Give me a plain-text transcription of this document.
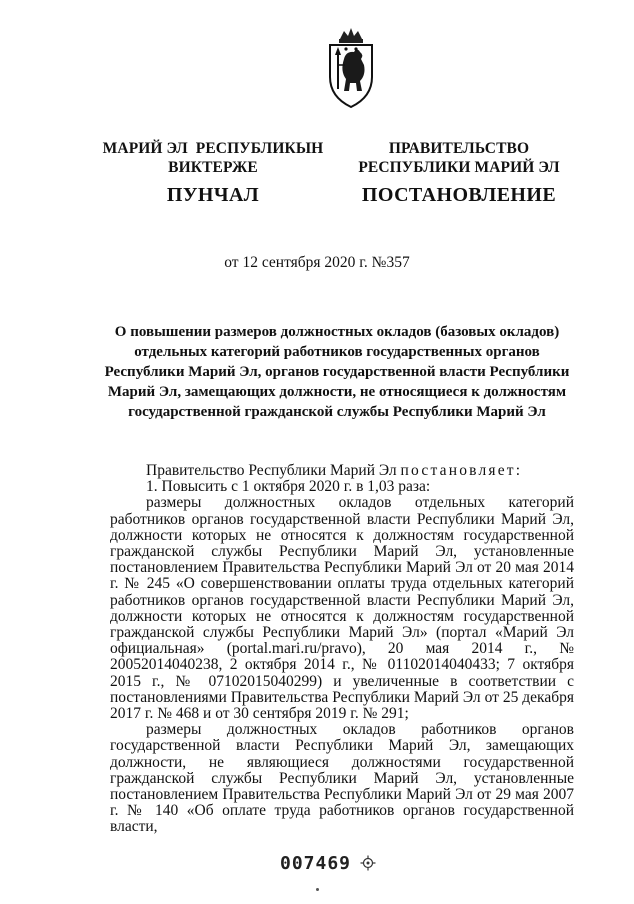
МАРИЙ ЭЛ  РЕСПУБЛИКЫН
ВИКТЕРЖЕ
ПУНЧАЛ
ПРАВИТЕЛЬСТВО
РЕСПУБЛИКИ МАРИЙ ЭЛ
ПОСТАНОВЛЕНИЕ
от 12 сентября 2020 г. №357
О повышении размеров должностных окладов (базовых окладов)
отдельных категорий работников государственных органов
Республики Марий Эл, органов государственной власти Республики
Марий Эл, замещающих должности, не относящиеся к должностям
государственной гражданской службы Республики Марий Эл

Правительство Республики Марий Эл постановляет:

1. Повысить с 1 октября 2020 г. в 1,03 раза:

размеры должностных окладов отдельных категорий работников органов государственной власти Республики Марий Эл, должности которых не относятся к должностям государственной гражданской службы Республики Марий Эл, установленные постановлением Правительства Республики Марий Эл от 20 мая 2014 г. № 245 «О совершенствовании оплаты труда отдельных категорий работников органов государственной власти Республики Марий Эл, должности которых не относятся к должностям государственной гражданской службы Республики Марий Эл» (портал «Марий Эл официальная» (portal.mari.ru/pravo), 20 мая 2014 г., № 20052014040238, 2 октября 2014 г., № 01102014040433; 7 октября 2015 г., № 07102015040299) и увеличенные в соответствии с постановлениями Правительства Республики Марий Эл от 25 декабря 2017 г. № 468 и от 30 сентября 2019 г. № 291;

размеры должностных окладов работников органов государственной власти Республики Марий Эл, замещающих должности, не являющиеся должностями государственной гражданской службы Республики Марий Эл, установленные постановлением Правительства Республики Марий Эл от 29 мая 2007 г. № 140 «Об оплате труда работников органов государственной власти,

007469
